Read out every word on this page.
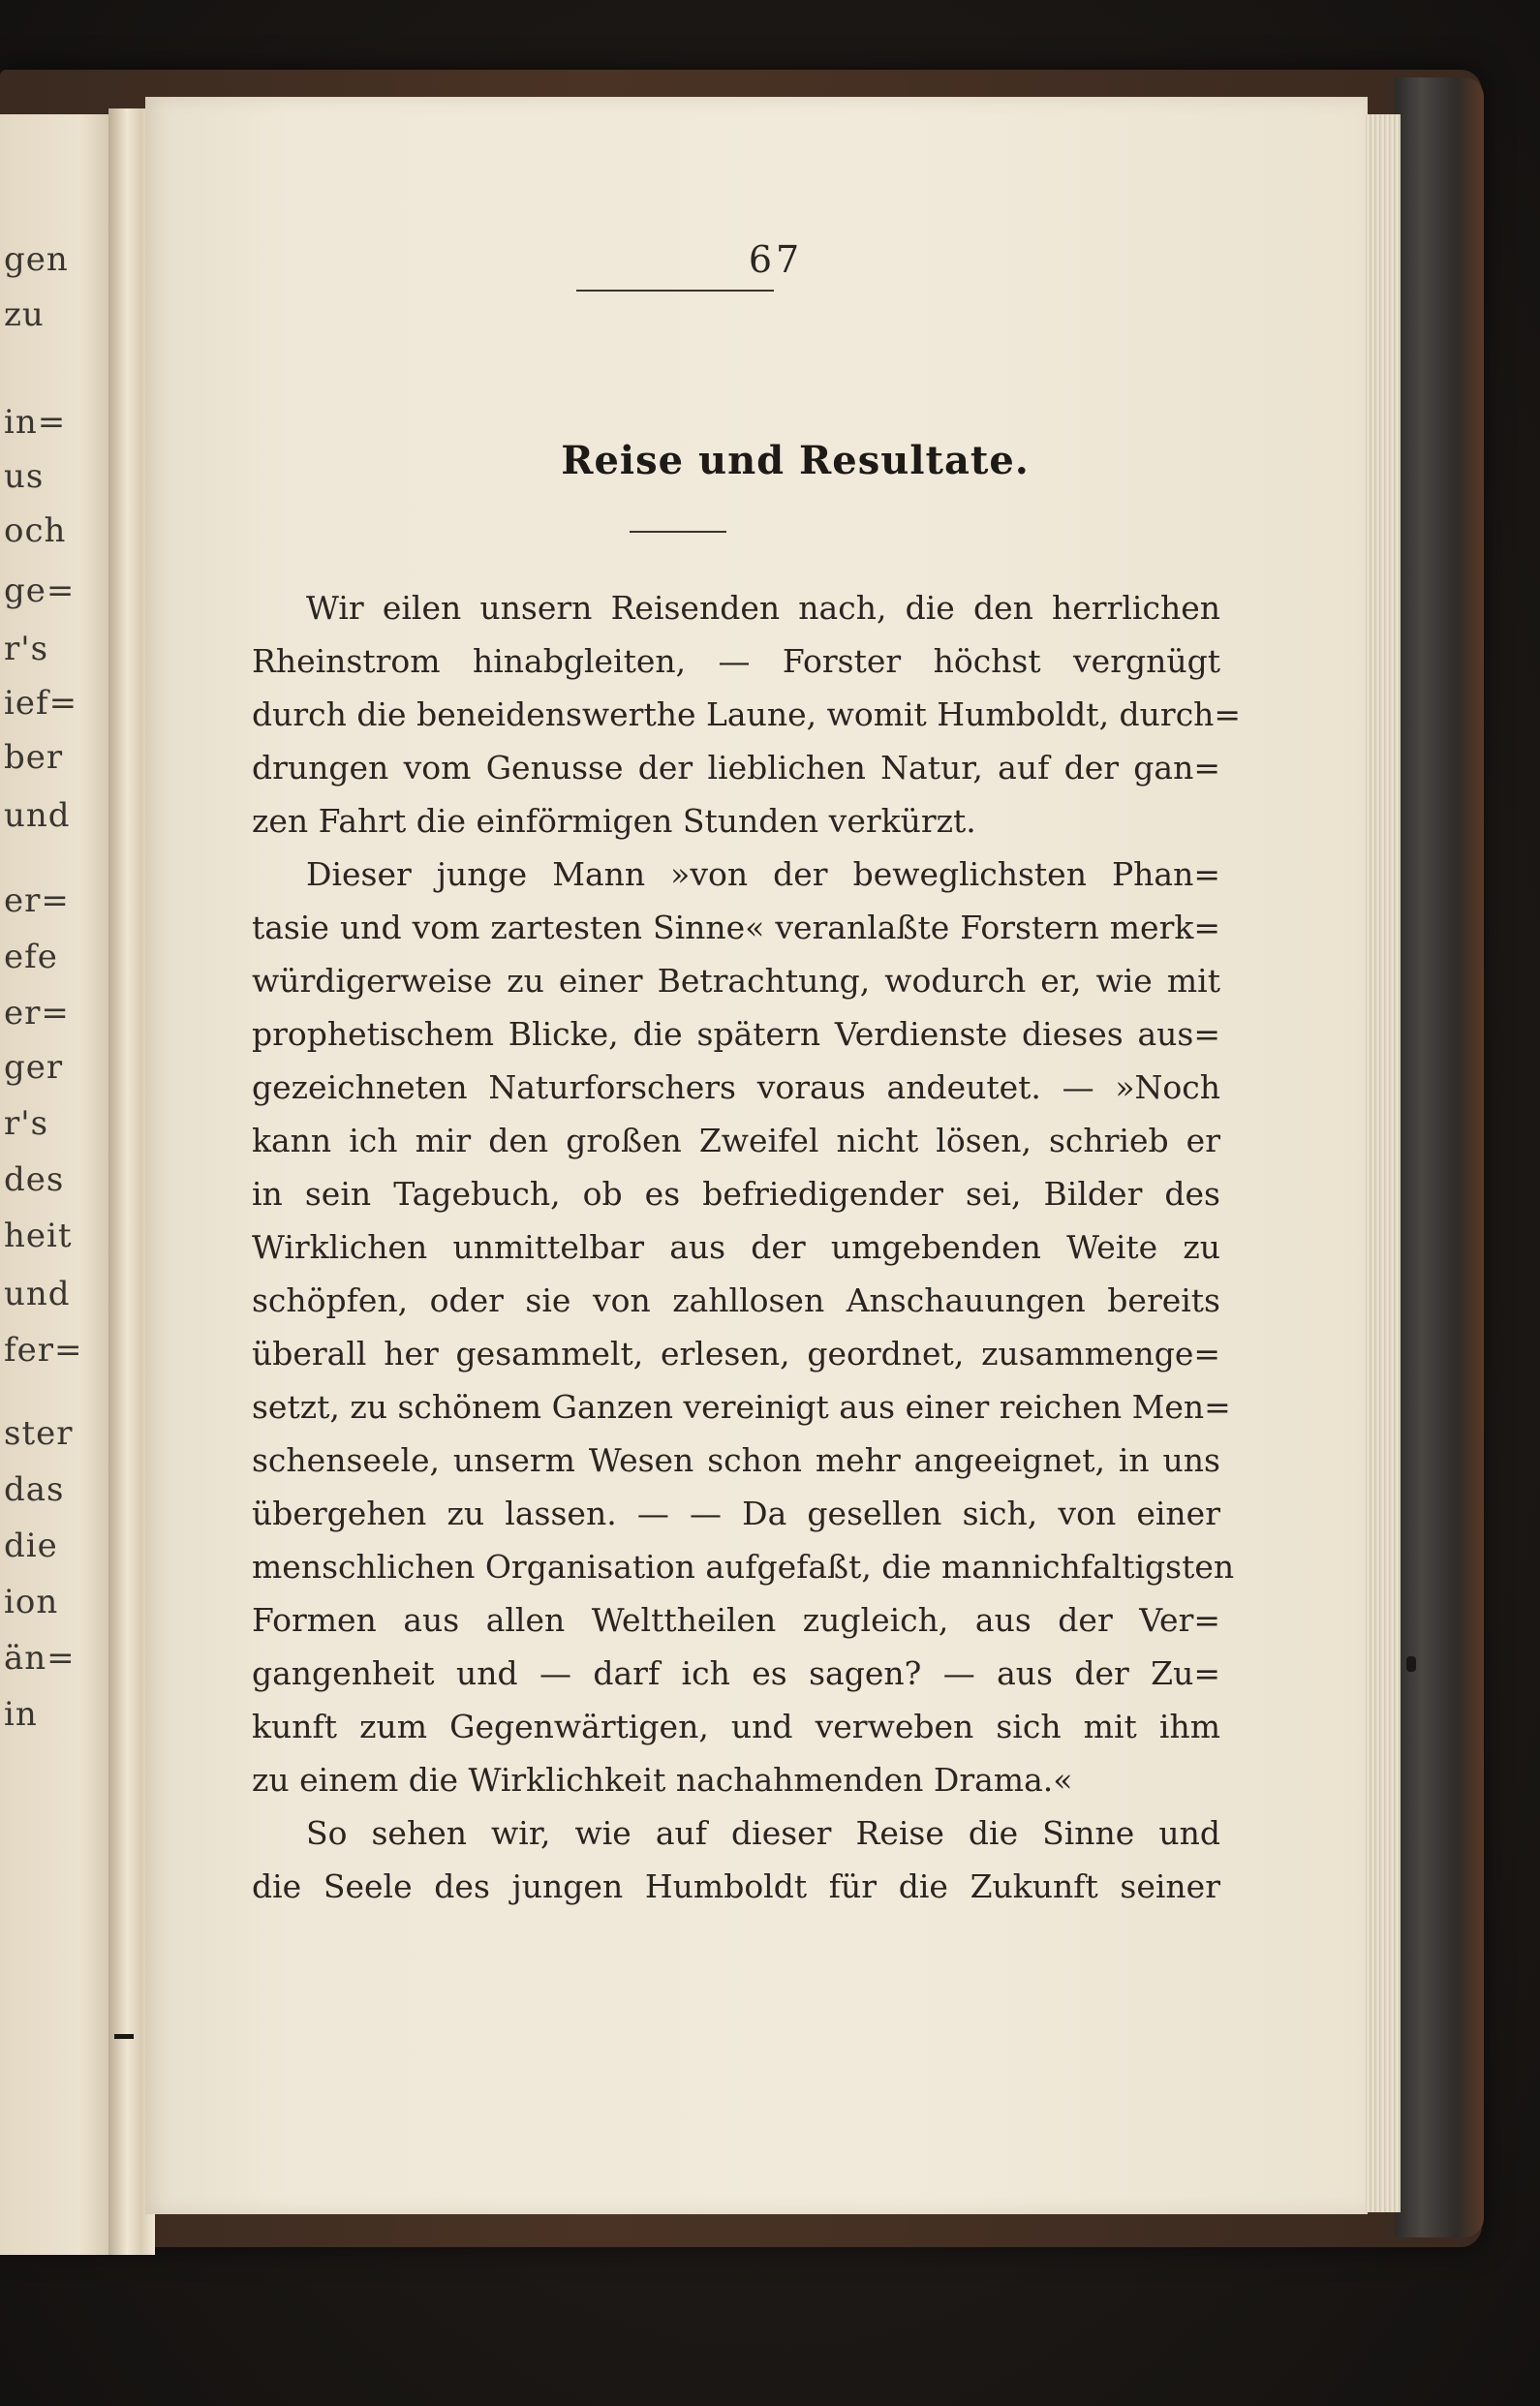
gen
zu
in=
us
och
ge=
r's
ief=
ber
und
er=
efe
er=
ger
r's
des
heit
und
fer=
ster
das
die
ion
än=
in
67
Reise und Resultate.
Wir eilen unsern Reisenden nach, die den herrlichen
Rheinstrom hinabgleiten, — Forster höchst vergnügt
durch die beneidenswerthe Laune, womit Humboldt, durch=
drungen vom Genusse der lieblichen Natur, auf der gan=
zen Fahrt die einförmigen Stunden verkürzt.
Dieser junge Mann »von der beweglichsten Phan=
tasie und vom zartesten Sinne« veranlaßte Forstern merk=
würdigerweise zu einer Betrachtung, wodurch er, wie mit
prophetischem Blicke, die spätern Verdienste dieses aus=
gezeichneten Naturforschers voraus andeutet. — »Noch
kann ich mir den großen Zweifel nicht lösen, schrieb er
in sein Tagebuch, ob es befriedigender sei, Bilder des
Wirklichen unmittelbar aus der umgebenden Weite zu
schöpfen, oder sie von zahllosen Anschauungen bereits
überall her gesammelt, erlesen, geordnet, zusammenge=
setzt, zu schönem Ganzen vereinigt aus einer reichen Men=
schenseele, unserm Wesen schon mehr angeeignet, in uns
übergehen zu lassen. — — Da gesellen sich, von einer
menschlichen Organisation aufgefaßt, die mannichfaltigsten
Formen aus allen Welttheilen zugleich, aus der Ver=
gangenheit und — darf ich es sagen? — aus der Zu=
kunft zum Gegenwärtigen, und verweben sich mit ihm
zu einem die Wirklichkeit nachahmenden Drama.«
So sehen wir, wie auf dieser Reise die Sinne und
die Seele des jungen Humboldt für die Zukunft seiner
